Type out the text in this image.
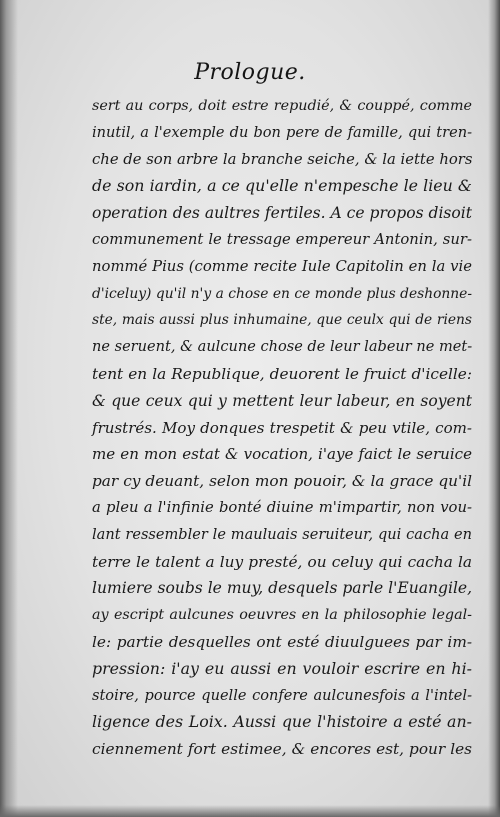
Prologue.
sert au corps, doit estre repudié, & couppé, comme
inutil, a l'exemple du bon pere de famille, qui tren-
che de son arbre la branche seiche, & la iette hors
de son iardin, a ce qu'elle n'empesche le lieu &
operation des aultres fertiles. A ce propos disoit
communement le tressage empereur Antonin, sur-
nommé Pius (comme recite Iule Capitolin en la vie
d'iceluy) qu'il n'y a chose en ce monde plus deshonne-
ste, mais aussi plus inhumaine, que ceulx qui de riens
ne seruent, & aulcune chose de leur labeur ne met-
tent en la Republique, deuorent le fruict d'icelle:
& que ceux qui y mettent leur labeur, en soyent
frustrés. Moy donques trespetit & peu vtile, com-
me en mon estat & vocation, i'aye faict le seruice
par cy deuant, selon mon pouoir, & la grace qu'il
a pleu a l'infinie bonté diuine m'impartir, non vou-
lant ressembler le mauluais seruiteur, qui cacha en
terre le talent a luy presté, ou celuy qui cacha la
lumiere soubs le muy, desquels parle l'Euangile,
ay escript aulcunes oeuvres en la philosophie legal-
le: partie desquelles ont esté diuulguees par im-
pression: i'ay eu aussi en vouloir escrire en hi-
stoire, pource quelle confere aulcunesfois a l'intel-
ligence des Loix. Aussi que l'histoire a esté an-
ciennement fort estimee, & encores est, pour les
